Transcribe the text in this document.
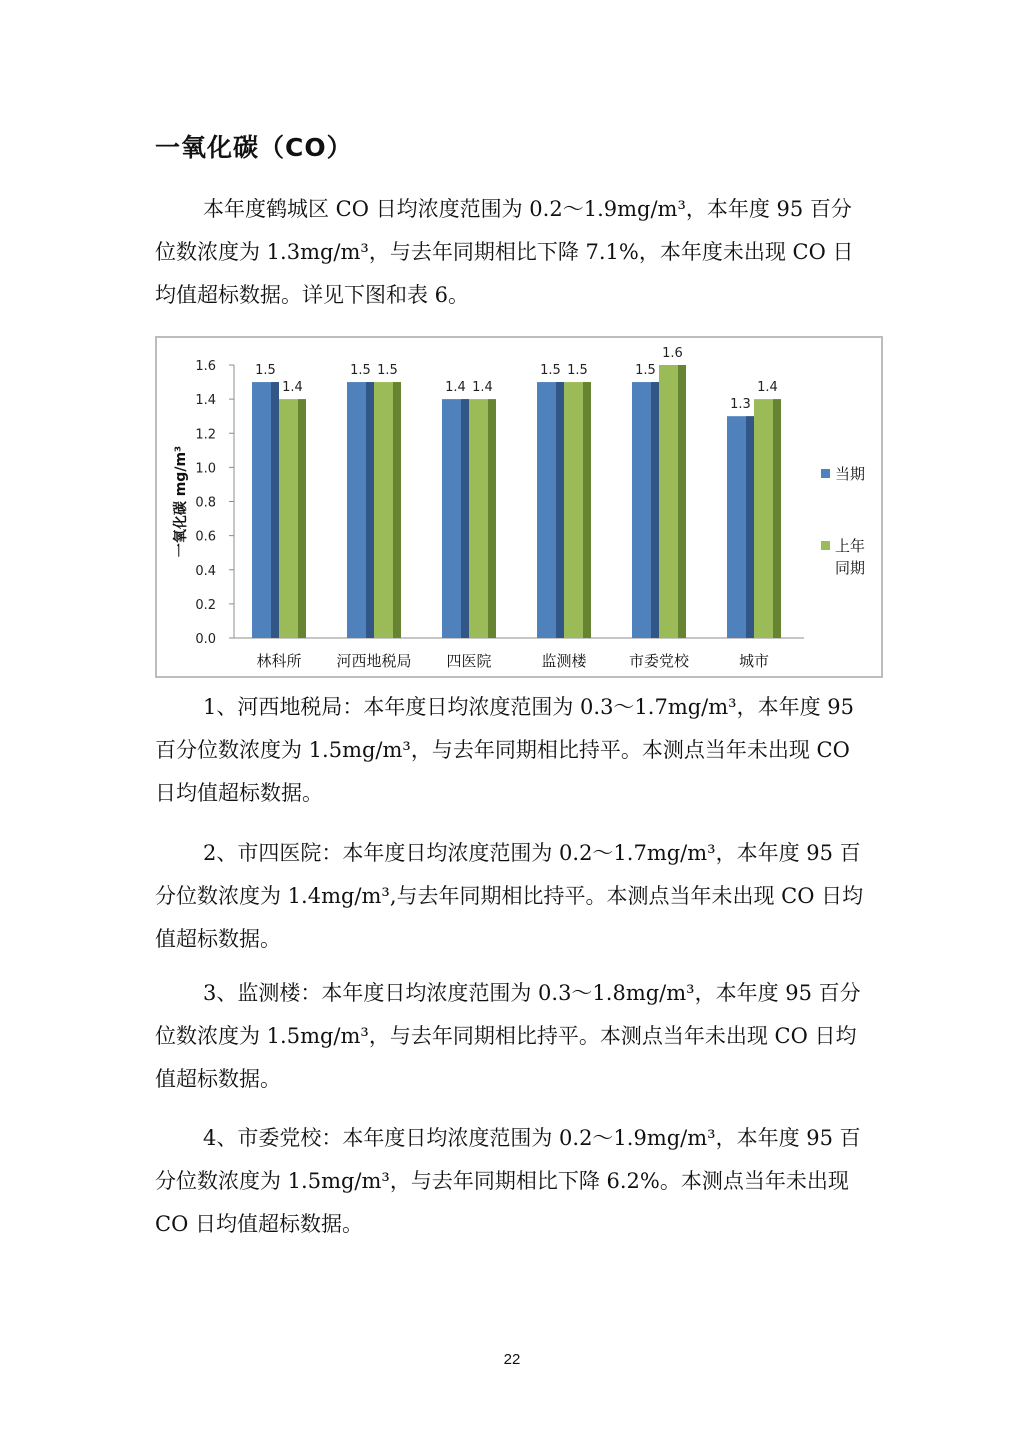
一氧化碳（CO）

本年度鹤城区 CO 日均浓度范围为 0.2～1.9mg/m³，本年度 95 百分位数浓度为 1.3mg/m³，与去年同期相比下降 7.1%，本年度未出现 CO 日均值超标数据。详见下图和表 6。

0.0
0.2
0.4
0.6
0.8
1.0
1.2
1.4
1.6
一氧化碳 mg/m³
林科所 河西地税局 四医院	监测楼	市委党校	城市
1.5
1.4
1.5 1.5
1.4 1.4
1.5 1.5	1.5
1.6
1.3
1.4
当期
上年同期

1、河西地税局：本年度日均浓度范围为 0.3～1.7mg/m³，本年度 95 百分位数浓度为 1.5mg/m³，与去年同期相比持平。本测点当年未出现 CO 日均值超标数据。

2、市四医院：本年度日均浓度范围为 0.2～1.7mg/m³，本年度 95 百分位数浓度为 1.4mg/m³,与去年同期相比持平。本测点当年未出现 CO 日均值超标数据。

3、监测楼：本年度日均浓度范围为 0.3～1.8mg/m³，本年度 95 百分位数浓度为 1.5mg/m³，与去年同期相比持平。本测点当年未出现 CO 日均值超标数据。

4、市委党校：本年度日均浓度范围为 0.2～1.9mg/m³，本年度 95 百分位数浓度为 1.5mg/m³，与去年同期相比下降 6.2%。本测点当年未出现 CO 日均值超标数据。

22
